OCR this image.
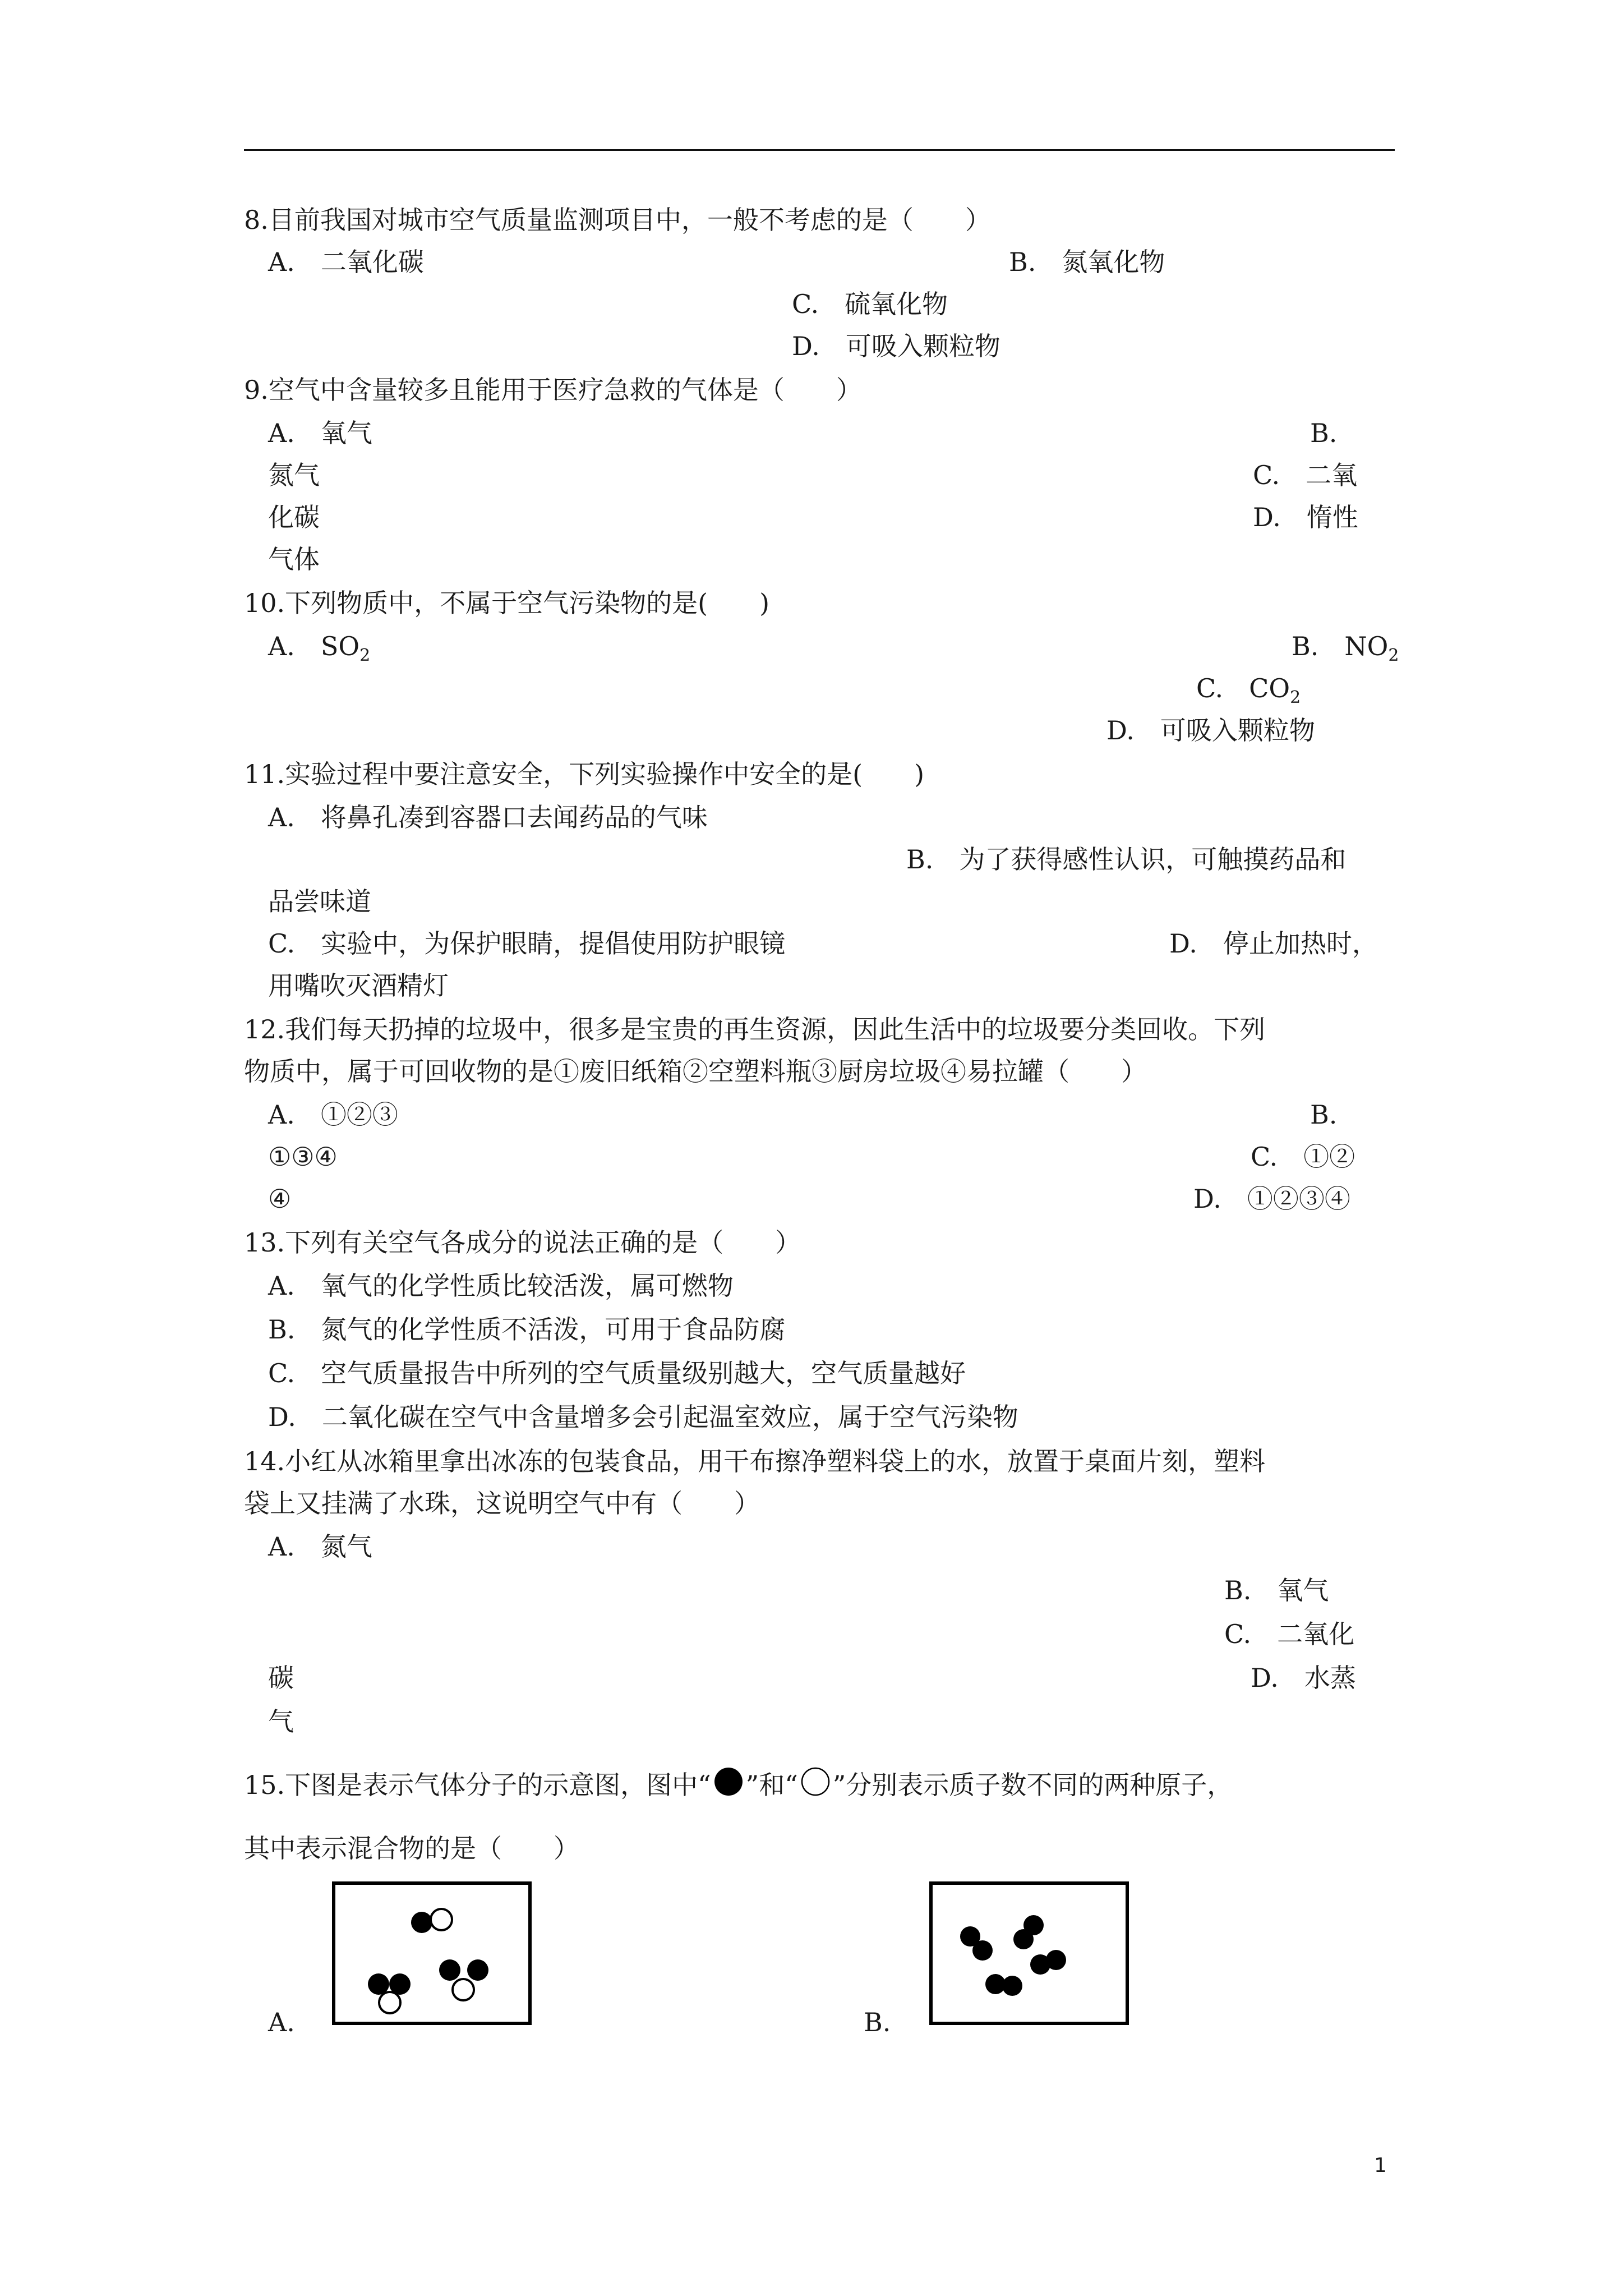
8.目前我国对城市空气质量监测项目中，一般不考虑的是（　　）
A.　二氧化碳	B.　氮氧化物
C.　硫氧化物
D.　可吸入颗粒物
9.空气中含量较多且能用于医疗急救的气体是（　　）
A.　氧气	B.
氮气	C.　二氧
化碳	D.　惰性
气体
10.下列物质中，不属于空气污染物的是(　　)
A.　$SO_2$	B.　$NO_2$
C.　$CO_2$
D.　可吸入颗粒物
11.实验过程中要注意安全，下列实验操作中安全的是(　　)
A.　将鼻孔凑到容器口去闻药品的气味
B.　为了获得感性认识，可触摸药品和
品尝味道
C.　实验中，为保护眼睛，提倡使用防护眼镜	D.　停止加热时，
用嘴吹灭酒精灯
12.我们每天扔掉的垃圾中，很多是宝贵的再生资源，因此生活中的垃圾要分类回收。下列
物质中，属于可回收物的是①废旧纸箱②空塑料瓶③厨房垃圾④易拉罐（　　）
A.　①②③	B.
①③④	C.　①②
④	D.　①②③④
13.下列有关空气各成分的说法正确的是（　　）
A.　氧气的化学性质比较活泼，属可燃物
B.　氮气的化学性质不活泼，可用于食品防腐
C.　空气质量报告中所列的空气质量级别越大，空气质量越好
D.　二氧化碳在空气中含量增多会引起温室效应，属于空气污染物
14.小红从冰箱里拿出冰冻的包装食品，用干布擦净塑料袋上的水，放置于桌面片刻，塑料
袋上又挂满了水珠，这说明空气中有（　　）
A.　氮气
B.　氧气
C.　二氧化
碳	D.　水蒸
气
15.下图是表示气体分子的示意图，图中“ ”和“ ”分别表示质子数不同的两种原子，
其中表示混合物的是（　　）
A.	B.
1
